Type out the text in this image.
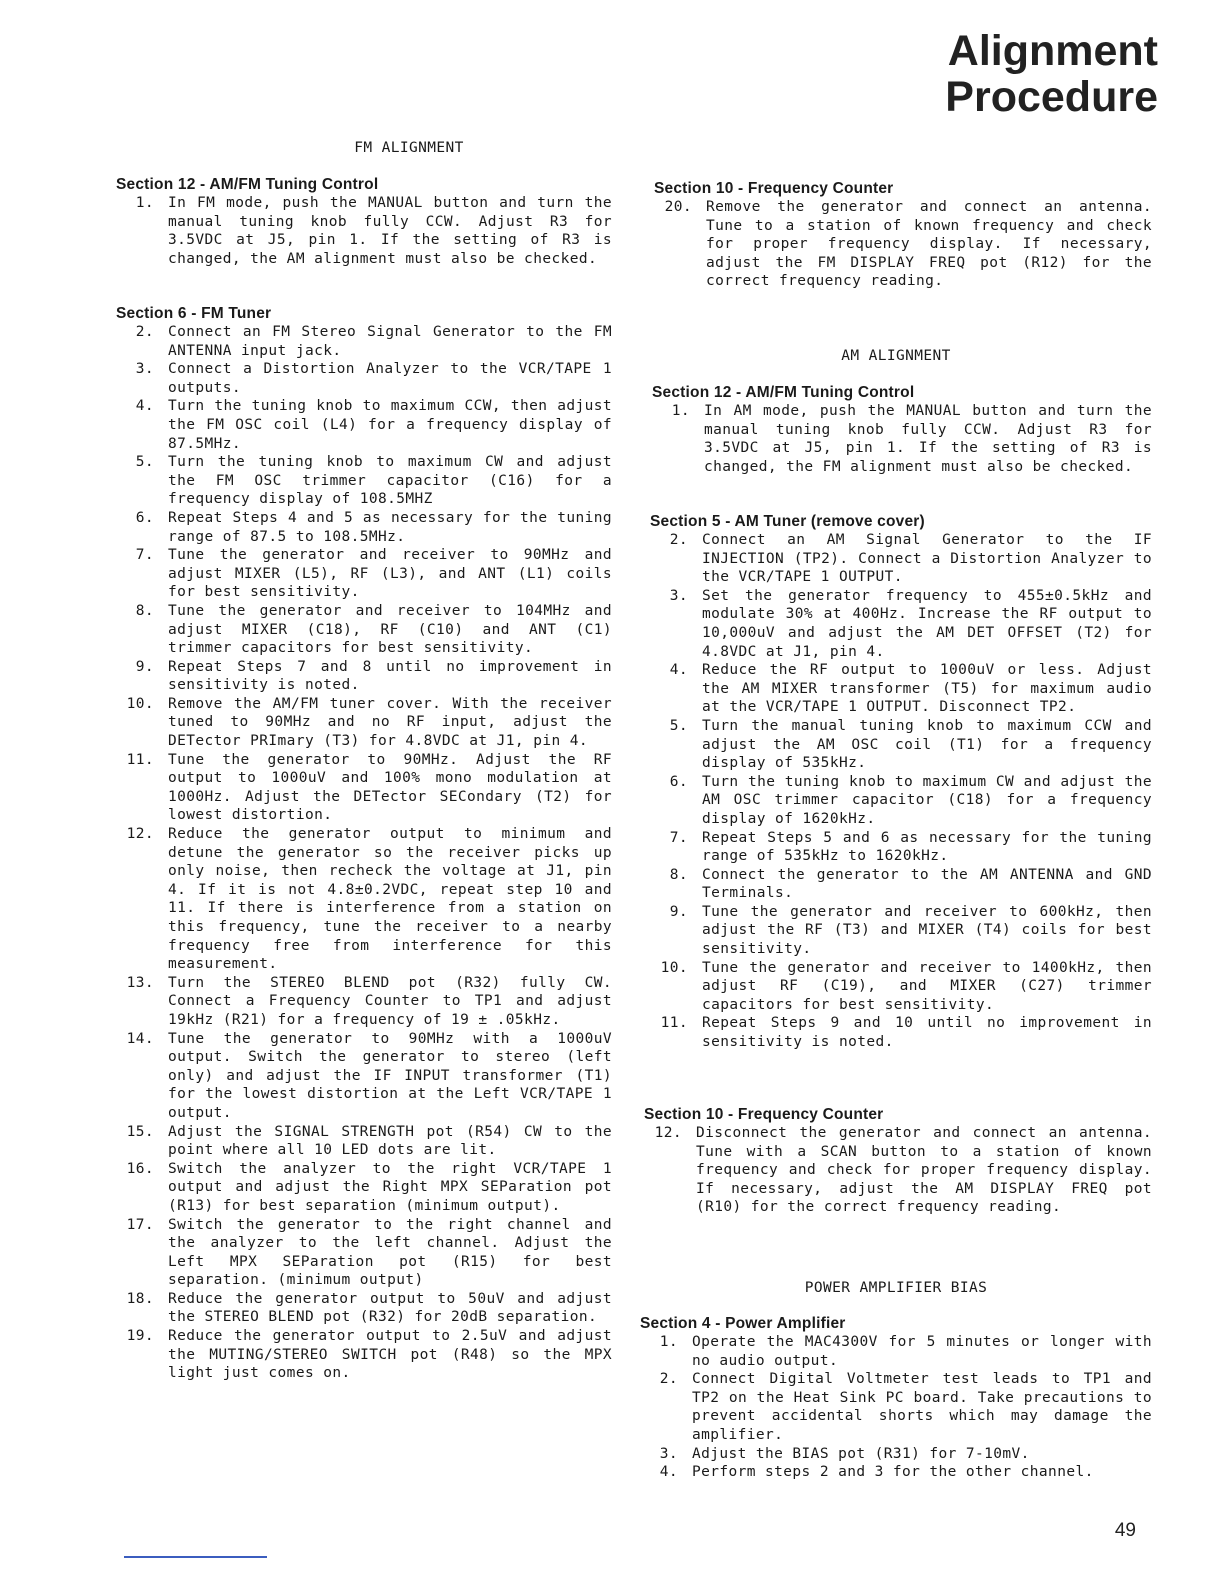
Alignment
Procedure
FM ALIGNMENT
Section 12 - AM/FM Tuning Control
1. In FM mode, push the MANUAL button and turn the manual tuning knob fully CCW. Adjust R3 for 3.5VDC at J5, pin 1. If the setting of R3 is changed, the AM alignment must also be checked.
Section 6 - FM Tuner
2. Connect an FM Stereo Signal Generator to the FM ANTENNA input jack.
3. Connect a Distortion Analyzer to the VCR/TAPE 1 outputs.
4. Turn the tuning knob to maximum CCW, then adjust the FM OSC coil (L4) for a frequency display of 87.5MHz.
5. Turn the tuning knob to maximum CW and adjust the FM OSC trimmer capacitor (C16) for a frequency display of 108.5MHZ
6. Repeat Steps 4 and 5 as necessary for the tuning range of 87.5 to 108.5MHz.
7. Tune the generator and receiver to 90MHz and adjust MIXER (L5), RF (L3), and ANT (L1) coils for best sensitivity.
8. Tune the generator and receiver to 104MHz and adjust MIXER (C18), RF (C10) and ANT (C1) trimmer capacitors for best sensitivity.
9. Repeat Steps 7 and 8 until no improvement in sensitivity is noted.
10. Remove the AM/FM tuner cover. With the receiver tuned to 90MHz and no RF input, adjust the DETector PRImary (T3) for 4.8VDC at J1, pin 4.
11. Tune the generator to 90MHz. Adjust the RF output to 1000uV and 100% mono modulation at 1000Hz. Adjust the DETector SECondary (T2) for lowest distortion.
12. Reduce the generator output to minimum and detune the generator so the receiver picks up only noise, then recheck the voltage at J1, pin 4. If it is not 4.8±0.2VDC, repeat step 10 and 11. If there is interference from a station on this frequency, tune the receiver to a nearby frequency free from interference for this measurement.
13. Turn the STEREO BLEND pot (R32) fully CW. Connect a Frequency Counter to TP1 and adjust 19kHz (R21) for a frequency of 19 ± .05kHz.
14. Tune the generator to 90MHz with a 1000uV output. Switch the generator to stereo (left only) and adjust the IF INPUT transformer (T1) for the lowest distortion at the Left VCR/TAPE 1 output.
15. Adjust the SIGNAL STRENGTH pot (R54) CW to the point where all 10 LED dots are lit.
16. Switch the analyzer to the right VCR/TAPE 1 output and adjust the Right MPX SEParation pot (R13) for best separation (minimum output).
17. Switch the generator to the right channel and the analyzer to the left channel. Adjust the Left MPX SEParation pot (R15) for best separation. (minimum output)
18. Reduce the generator output to 50uV and adjust the STEREO BLEND pot (R32) for 20dB separation.
19. Reduce the generator output to 2.5uV and adjust the MUTING/STEREO SWITCH pot (R48) so the MPX light just comes on.
Section 10 - Frequency Counter
20. Remove the generator and connect an antenna. Tune to a station of known frequency and check for proper frequency display. If necessary, adjust the FM DISPLAY FREQ pot (R12) for the correct frequency reading.
AM ALIGNMENT
Section 12 - AM/FM Tuning Control
1. In AM mode, push the MANUAL button and turn the manual tuning knob fully CCW. Adjust R3 for 3.5VDC at J5, pin 1. If the setting of R3 is changed, the FM alignment must also be checked.
Section 5 - AM Tuner (remove cover)
2. Connect an AM Signal Generator to the IF INJECTION (TP2). Connect a Distortion Analyzer to the VCR/TAPE 1 OUTPUT.
3. Set the generator frequency to 455±0.5kHz and modulate 30% at 400Hz. Increase the RF output to 10,000uV and adjust the AM DET OFFSET (T2) for 4.8VDC at J1, pin 4.
4. Reduce the RF output to 1000uV or less. Adjust the AM MIXER transformer (T5) for maximum audio at the VCR/TAPE 1 OUTPUT. Disconnect TP2.
5. Turn the manual tuning knob to maximum CCW and adjust the AM OSC coil (T1) for a frequency display of 535kHz.
6. Turn the tuning knob to maximum CW and adjust the AM OSC trimmer capacitor (C18) for a frequency display of 1620kHz.
7. Repeat Steps 5 and 6 as necessary for the tuning range of 535kHz to 1620kHz.
8. Connect the generator to the AM ANTENNA and GND Terminals.
9. Tune the generator and receiver to 600kHz, then adjust the RF (T3) and MIXER (T4) coils for best sensitivity.
10. Tune the generator and receiver to 1400kHz, then adjust RF (C19), and MIXER (C27) trimmer capacitors for best sensitivity.
11. Repeat Steps 9 and 10 until no improvement in sensitivity is noted.
Section 10 - Frequency Counter
12. Disconnect the generator and connect an antenna. Tune with a SCAN button to a station of known frequency and check for proper frequency display. If necessary, adjust the AM DISPLAY FREQ pot (R10) for the correct frequency reading.
POWER AMPLIFIER BIAS
Section 4 - Power Amplifier
1. Operate the MAC4300V for 5 minutes or longer with no audio output.
2. Connect Digital Voltmeter test leads to TP1 and TP2 on the Heat Sink PC board. Take precautions to prevent accidental shorts which may damage the amplifier.
3. Adjust the BIAS pot (R31) for 7-10mV.
4. Perform steps 2 and 3 for the other channel.
49
